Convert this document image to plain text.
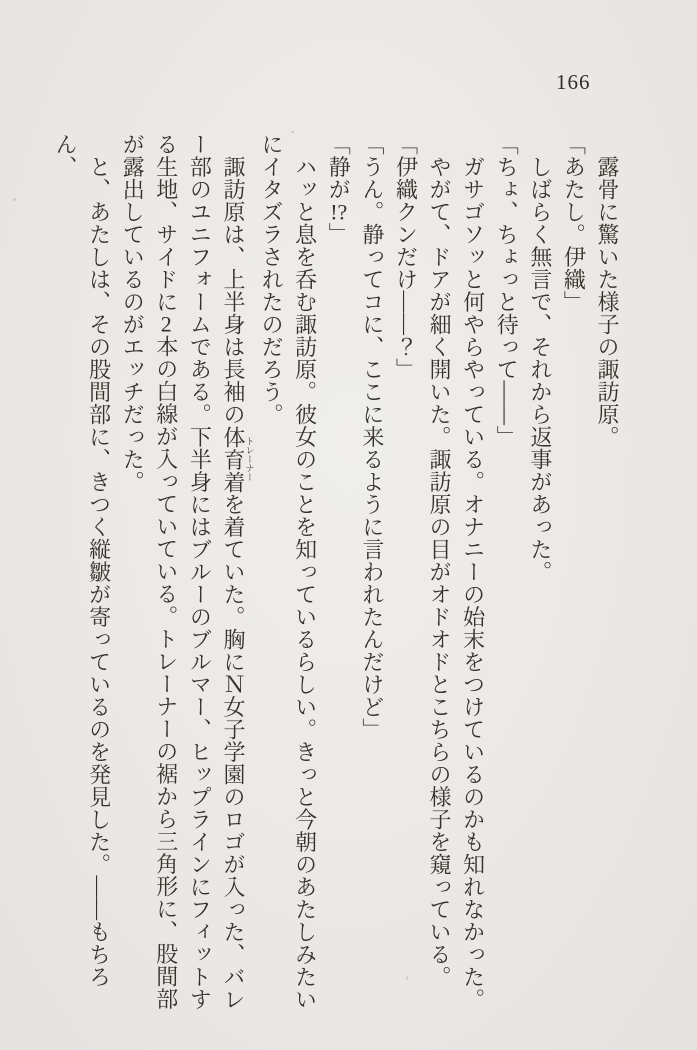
166

　露骨に驚いた様子の諏訪原。

「あたし。伊織」

　しばらく無言で、それから返事があった。

「ちょ、ちょっと待って――」

　ガサゴソッと何やらやっている。オナニーの始末をつけているのかも知れなかった。

　やがて、ドアが細く開いた。諏訪原の目がオドオドとこちらの様子を窺っている。

「伊織クンだけ――？」

「うん。静ってコに、ここに来るように言われたんだけど」

「静が!?」

　ハッと息を呑む諏訪原。彼女のことを知っているらしい。きっと今朝のあたしみたいにイタズラされたのだろう。

　諏訪原は、上半身は長袖の体育着トレーナーを着ていた。胸にＮ女子学園のロゴが入った、バレー部のユニフォームである。下半身にはブルーのブルマー、ヒップラインにフィットする生地、サイドに2本の白線が入っていている。トレーナーの裾から三角形に、股間部が露出しているのがエッチだった。

　と、あたしは、その股間部に、きつく縦皺が寄っているのを発見した。――もちろん、
